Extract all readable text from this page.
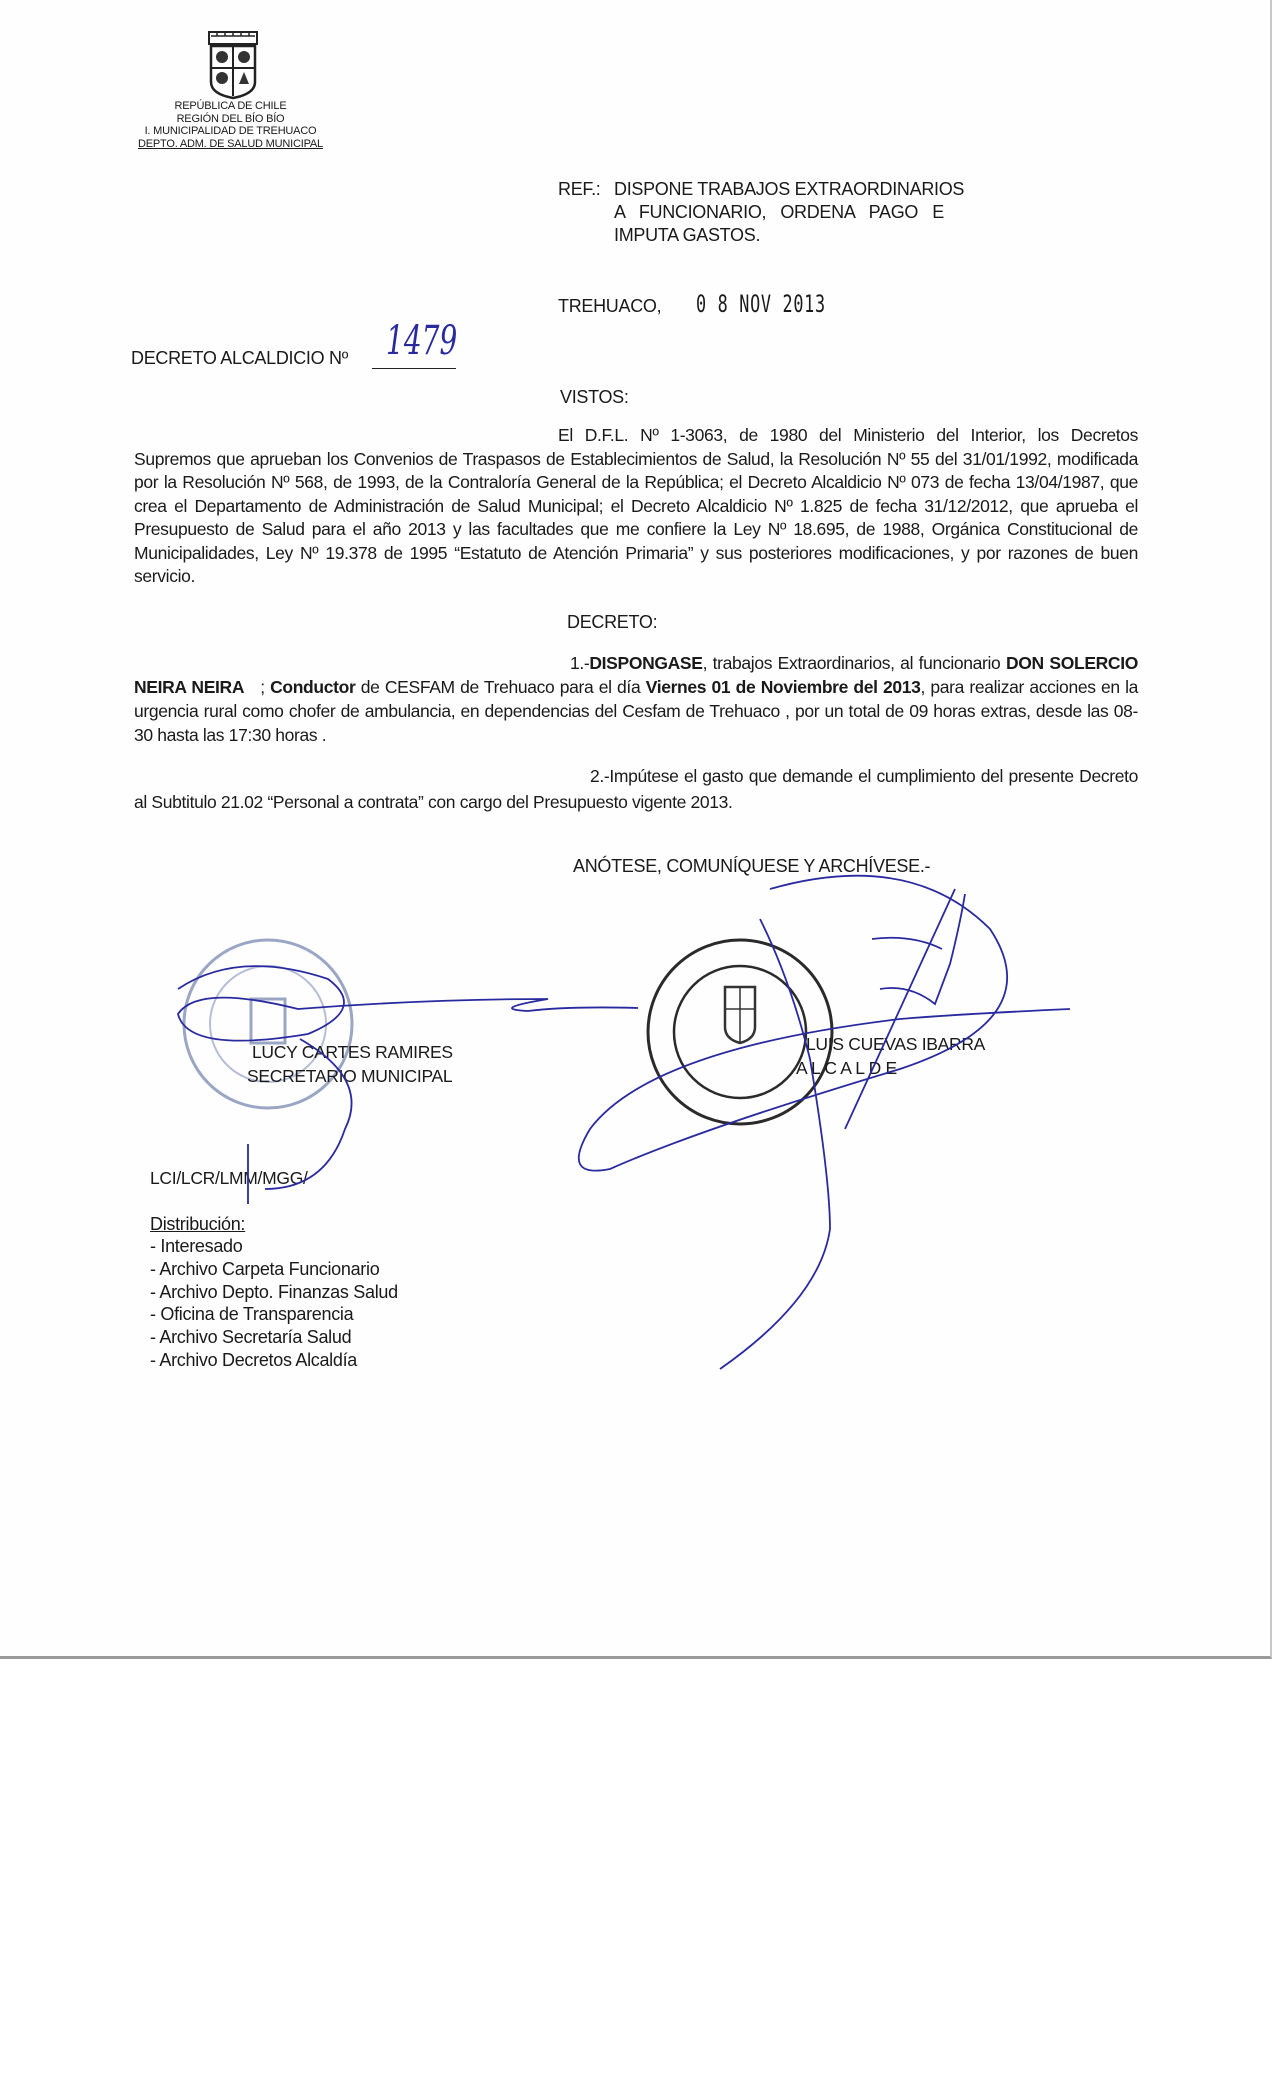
REPÚBLICA DE CHILE
REGIÓN DEL BÍO BÍO
I. MUNICIPALIDAD DE TREHUACO
DEPTO. ADM. DE SALUD MUNICIPAL
REF.: DISPONE TRABAJOS EXTRAORDINARIOS
A   FUNCIONARIO,   ORDENA   PAGO   E
IMPUTA GASTOS.
TREHUACO, 0 8 NOV 2013
DECRETO ALCALDICIO Nº 1479
VISTOS:
El D.F.L. Nº 1-3063, de 1980 del Ministerio del Interior, los Decretos Supremos que aprueban los Convenios de Traspasos de Establecimientos de Salud, la Resolución Nº 55 del 31/01/1992, modificada por la Resolución Nº 568, de 1993, de la Contraloría General de la República; el Decreto Alcaldicio Nº 073 de fecha 13/04/1987, que crea el Departamento de Administración de Salud Municipal; el Decreto Alcaldicio Nº 1.825 de fecha 31/12/2012, que aprueba el Presupuesto de Salud para el año 2013 y las facultades que me confiere la Ley Nº 18.695, de 1988, Orgánica Constitucional de Municipalidades, Ley Nº 19.378 de 1995 “Estatuto de Atención Primaria” y sus posteriores modificaciones, y por razones de buen servicio.
DECRETO:
1.-DISPONGASE, trabajos Extraordinarios, al funcionario DON SOLERCIO NEIRA NEIRA   ; Conductor de CESFAM de Trehuaco para el día Viernes 01 de Noviembre del 2013, para realizar acciones en la urgencia rural como chofer de ambulancia, en dependencias del Cesfam de Trehuaco , por un total de 09 horas extras, desde las 08-30 hasta las 17:30 horas .
2.-Impútese el gasto que demande el cumplimiento del presente Decreto al Subtitulo 21.02 “Personal a contrata” con cargo del Presupuesto vigente 2013.
ANÓTESE, COMUNÍQUESE Y ARCHÍVESE.-
LUCY CARTES RAMIRES
SECRETARIO MUNICIPAL
LUIS CUEVAS IBARRA
A L C A L D E
LCI/LCR/LMM/MGG/
Distribución:
- Interesado
- Archivo Carpeta Funcionario
- Archivo Depto. Finanzas Salud
- Oficina de Transparencia
- Archivo Secretaría Salud
- Archivo Decretos Alcaldía
